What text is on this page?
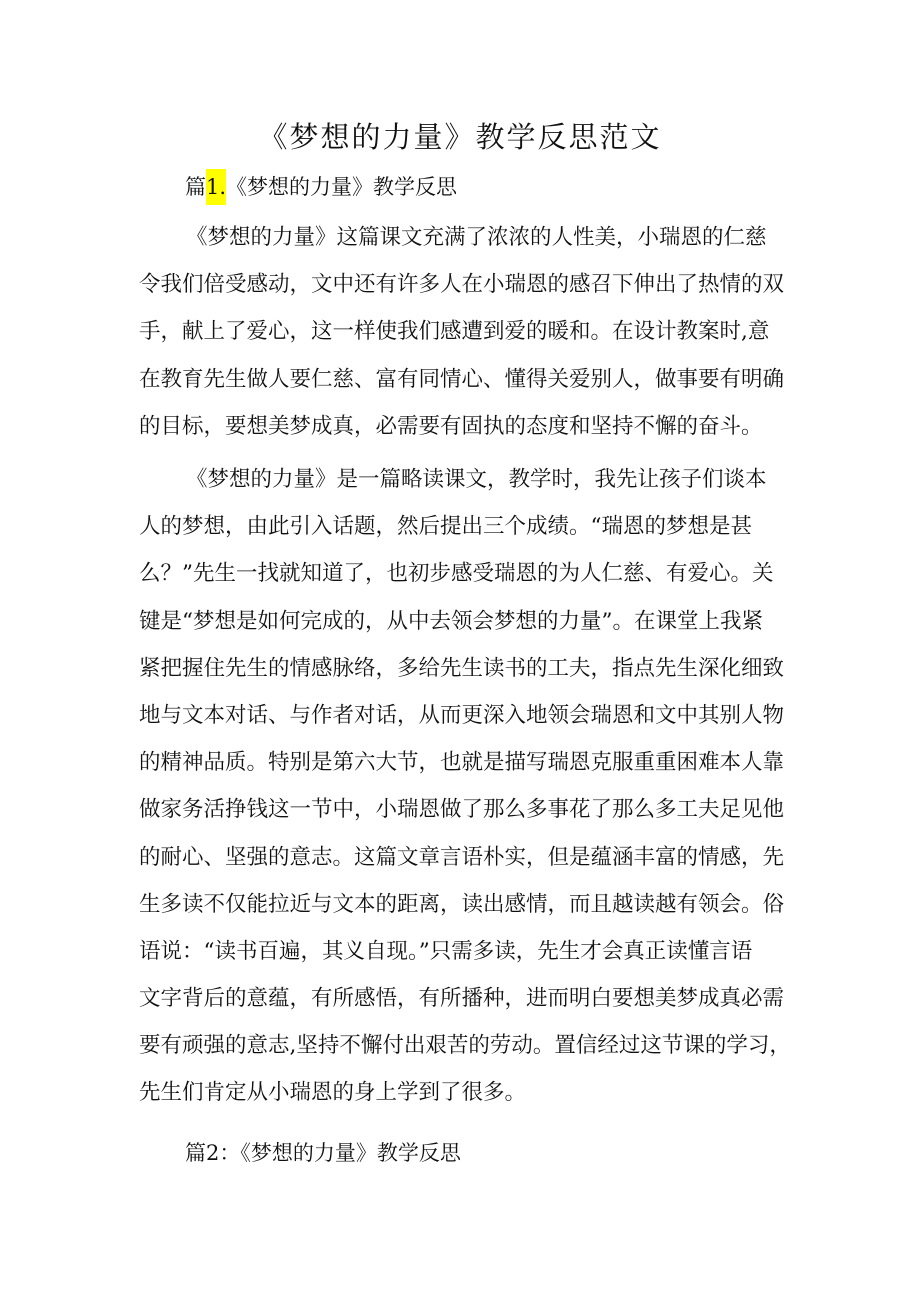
《梦想的力量》教学反思范文
篇1.《梦想的力量》教学反思
《梦想的力量》这篇课文充满了浓浓的人性美，小瑞恩的仁慈
令我们倍受感动，文中还有许多人在小瑞恩的感召下伸出了热情的双
手，献上了爱心，这一样使我们感遭到爱的暖和。在设计教案时,意
在教育先生做人要仁慈、富有同情心、懂得关爱别人，做事要有明确
的目标，要想美梦成真，必需要有固执的态度和坚持不懈的奋斗。
《梦想的力量》是一篇略读课文，教学时，我先让孩子们谈本
人的梦想，由此引入话题，然后提出三个成绩。“瑞恩的梦想是甚
么？”先生一找就知道了，也初步感受瑞恩的为人仁慈、有爱心。关
键是“梦想是如何完成的，从中去领会梦想的力量”。在课堂上我紧
紧把握住先生的情感脉络，多给先生读书的工夫，指点先生深化细致
地与文本对话、与作者对话，从而更深入地领会瑞恩和文中其别人物
的精神品质。特别是第六大节，也就是描写瑞恩克服重重困难本人靠
做家务活挣钱这一节中，小瑞恩做了那么多事花了那么多工夫足见他
的耐心、坚强的意志。这篇文章言语朴实，但是蕴涵丰富的情感，先
生多读不仅能拉近与文本的距离，读出感情，而且越读越有领会。俗
语说：“读书百遍，其义自现。”只需多读，先生才会真正读懂言语
文字背后的意蕴，有所感悟，有所播种，进而明白要想美梦成真必需
要有顽强的意志,坚持不懈付出艰苦的劳动。置信经过这节课的学习，
先生们肯定从小瑞恩的身上学到了很多。
篇2：《梦想的力量》教学反思
